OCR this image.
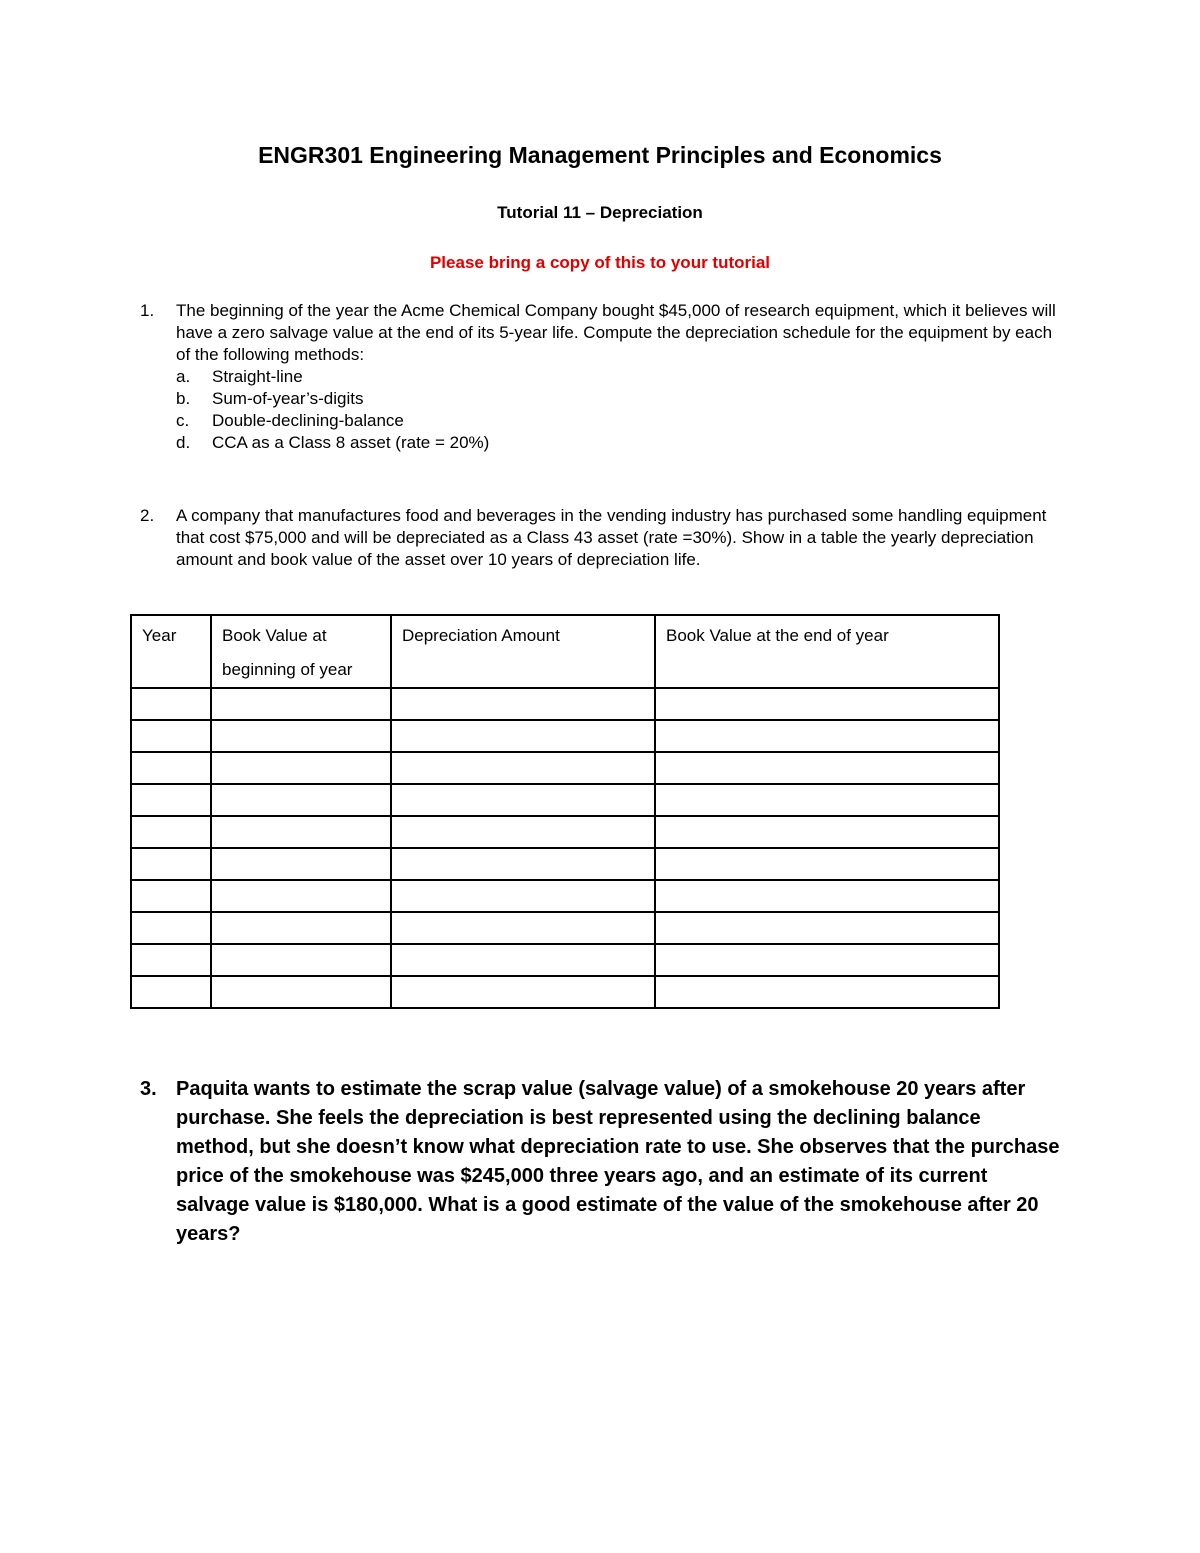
ENGR301 Engineering Management Principles and Economics
Tutorial 11 – Depreciation
Please bring a copy of this to your tutorial
1. The beginning of the year the Acme Chemical Company bought $45,000 of research equipment, which it believes will have a zero salvage value at the end of its 5-year life. Compute the depreciation schedule for the equipment by each of the following methods:
a.	Straight-line
b.	Sum-of-year’s-digits
c.	Double-declining-balance
d.	CCA as a Class 8 asset (rate = 20%)
2. A company that manufactures food and beverages in the vending industry has purchased some handling equipment that cost $75,000 and will be depreciated as a Class 43 asset (rate =30%). Show in a table the yearly depreciation amount and book value of the asset over 10 years of depreciation life.
Year	Book Value at beginning of year	Depreciation Amount	Book Value at the end of year

3. Paquita wants to estimate the scrap value (salvage value) of a smokehouse 20 years after purchase. She feels the depreciation is best represented using the declining balance method, but she doesn’t know what depreciation rate to use. She observes that the purchase price of the smokehouse was $245,000 three years ago, and an estimate of its current salvage value is $180,000. What is a good estimate of the value of the smokehouse after 20 years?
